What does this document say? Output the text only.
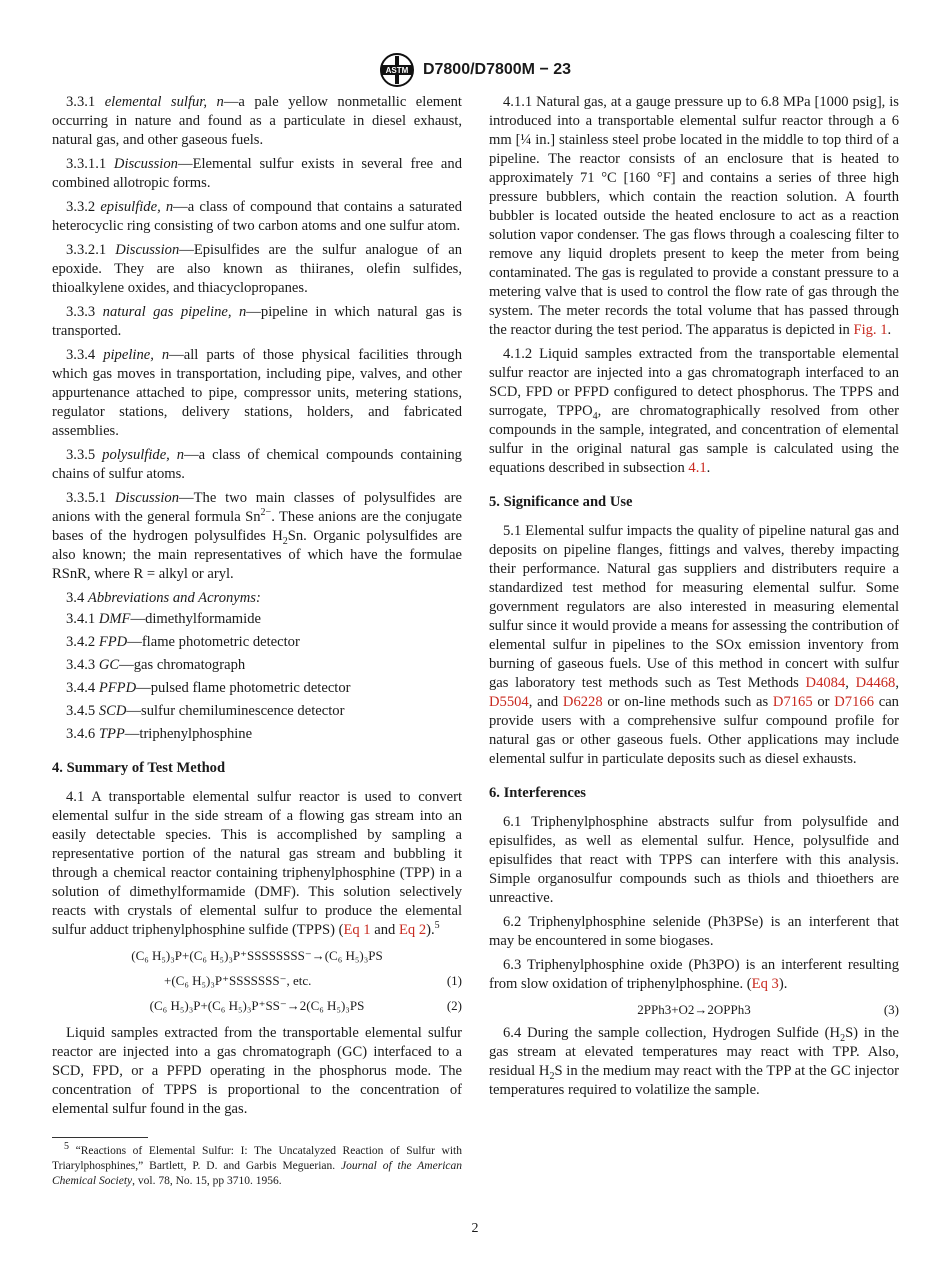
ASTM D7800/D7800M − 23

3.3.1 elemental sulfur, n—a pale yellow nonmetallic element occurring in nature and found as a particulate in diesel exhaust, natural gas, and other gaseous fuels.

3.3.1.1 Discussion—Elemental sulfur exists in several free and combined allotropic forms.

3.3.2 episulfide, n—a class of compound that contains a saturated heterocyclic ring consisting of two carbon atoms and one sulfur atom.

3.3.2.1 Discussion—Episulfides are the sulfur analogue of an epoxide. They are also known as thiiranes, olefin sulfides, thioalkylene oxides, and thiacyclopropanes.

3.3.3 natural gas pipeline, n—pipeline in which natural gas is transported.

3.3.4 pipeline, n—all parts of those physical facilities through which gas moves in transportation, including pipe, valves, and other appurtenance attached to pipe, compressor units, metering stations, regulator stations, delivery stations, holders, and fabricated assemblies.

3.3.5 polysulfide, n—a class of chemical compounds containing chains of sulfur atoms.

3.3.5.1 Discussion—The two main classes of polysulfides are anions with the general formula $Sn^{2-}$. These anions are the conjugate bases of the hydrogen polysulfides $H_2Sn$. Organic polysulfides are also known; the main representatives of which have the formulae RSnR, where R = alkyl or aryl.

3.4 Abbreviations and Acronyms:

3.4.1 DMF—dimethylformamide

3.4.2 FPD—flame photometric detector

3.4.3 GC—gas chromatograph

3.4.4 PFPD—pulsed flame photometric detector

3.4.5 SCD—sulfur chemiluminescence detector

3.4.6 TPP—triphenylphosphine

4. Summary of Test Method

4.1 A transportable elemental sulfur reactor is used to convert elemental sulfur in the side stream of a flowing gas stream into an easily detectable species. This is accomplished by sampling a representative portion of the natural gas stream and bubbling it through a chemical reactor containing triphenylphosphine (TPP) in a solution of dimethylformamide (DMF). This solution selectively reacts with crystals of elemental sulfur to produce the elemental sulfur adduct triphenylphosphine sulfide (TPPS) (Eq 1 and Eq 2).$^5$

(C₆ H₅)₃P+(C₆ H₅)₃P⁺SSSSSSSS⁻→(C₆ H₅)₃PS
+(C₆ H₅)₃P⁺SSSSSSS⁻, etc.	(1)
(C₆ H₅)₃P+(C₆ H₅)₃P⁺SS⁻→2(C₆ H₅)₃PS	(2)

Liquid samples extracted from the transportable elemental sulfur reactor are injected into a gas chromatograph (GC) interfaced to a SCD, FPD, or a PFPD operating in the phosphorus mode. The concentration of TPPS is proportional to the concentration of elemental sulfur found in the gas.

$^5$ “Reactions of Elemental Sulfur: I: The Uncatalyzed Reaction of Sulfur with Triarylphosphines,” Bartlett, P. D. and Garbis Meguerian. Journal of the American Chemical Society, vol. 78, No. 15, pp 3710. 1956.

4.1.1 Natural gas, at a gauge pressure up to 6.8 MPa [1000 psig], is introduced into a transportable elemental sulfur reactor through a 6 mm [¼ in.] stainless steel probe located in the middle to top third of a pipeline. The reactor consists of an enclosure that is heated to approximately 71 °C [160 °F] and contains a series of three high pressure bubblers, which contain the reaction solution. A fourth bubbler is located outside the heated enclosure to act as a reaction solution vapor condenser. The gas flows through a coalescing filter to remove any liquid droplets present to keep the meter from being contaminated. The gas is regulated to provide a constant pressure to a metering valve that is used to control the flow rate of gas through the system. The meter records the total volume that has passed through the reactor during the test period. The apparatus is depicted in Fig. 1.

4.1.2 Liquid samples extracted from the transportable elemental sulfur reactor are injected into a gas chromatograph interfaced to an SCD, FPD or PFPD configured to detect phosphorus. The TPPS and surrogate, $TPPO_4$, are chromatographically resolved from other compounds in the sample, integrated, and concentration of elemental sulfur in the original natural gas sample is calculated using the equations described in subsection 4.1.

5. Significance and Use

5.1 Elemental sulfur impacts the quality of pipeline natural gas and deposits on pipeline flanges, fittings and valves, thereby impacting their performance. Natural gas suppliers and distributers require a standardized test method for measuring elemental sulfur. Some government regulators are also interested in measuring elemental sulfur since it would provide a means for assessing the contribution of elemental sulfur in pipelines to the SOx emission inventory from burning of gaseous fuels. Use of this method in concert with sulfur gas laboratory test methods such as Test Methods D4084, D4468, D5504, and D6228 or on-line methods such as D7165 or D7166 can provide users with a comprehensive sulfur compound profile for natural gas or other gaseous fuels. Other applications may include elemental sulfur in particulate deposits such as diesel exhausts.

6. Interferences

6.1 Triphenylphosphine abstracts sulfur from polysulfide and episulfides, as well as elemental sulfur. Hence, polysulfide and episulfides that react with TPPS can interfere with this analysis. Simple organosulfur compounds such as thiols and thioethers are unreactive.

6.2 Triphenylphosphine selenide (Ph3PSe) is an interferent that may be encountered in some biogases.

6.3 Triphenylphosphine oxide (Ph3PO) is an interferent resulting from slow oxidation of triphenylphosphine. (Eq 3).

2PPh3+O2→2OPPh3	(3)

6.4 During the sample collection, Hydrogen Sulfide $(H_2S)$ in the gas stream at elevated temperatures may react with TPP. Also, residual $H_2S$ in the medium may react with the TPP at the GC injector temperatures required to volatilize the sample.

2
